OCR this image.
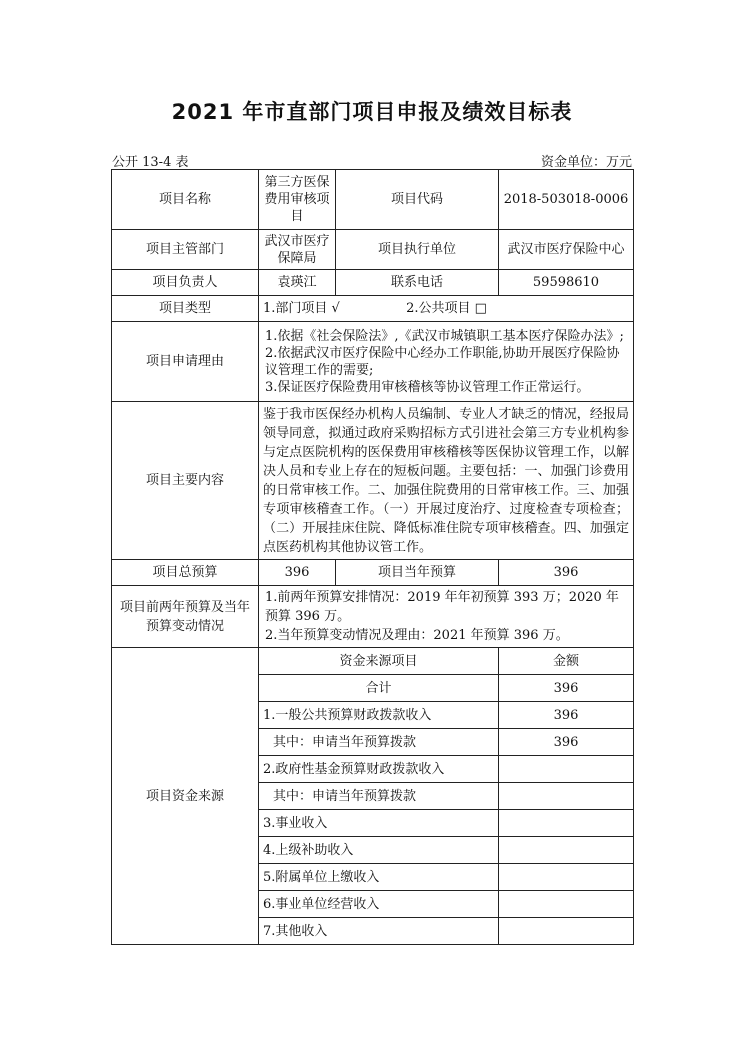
2021 年市直部门项目申报及绩效目标表
公开 13-4 表	资金单位：万元
项目名称	第三方医保费用审核项目	项目代码	2018-503018-0006
项目主管部门	武汉市医疗保障局	项目执行单位	武汉市医疗保险中心
项目负责人	袁瑛江	联系电话	59598610
项目类型	1.部门项目 √ 2.公共项目 □		
项目申请理由	1.依据《社会保险法》,《武汉市城镇职工基本医疗保险办法》;
2.依据武汉市医疗保险中心经办工作职能,协助开展医疗保险协议管理工作的需要;
3.保证医疗保险费用审核稽核等协议管理工作正常运行。		

项目主要内容	鉴于我市医保经办机构人员编制、专业人才缺乏的情况，经报局领导同意，拟通过政府采购招标方式引进社会第三方专业机构参与定点医院机构的医保费用审核稽核等医保协议管理工作，以解决人员和专业上存在的短板问题。主要包括：一、加强门诊费用的日常审核工作。二、加强住院费用的日常审核工作。三、加强专项审核稽查工作。（一）开展过度治疗、过度检查专项检查；（二）开展挂床住院、降低标准住院专项审核稽查。四、加强定点医药机构其他协议管工作。		
项目总预算	396	项目当年预算	396
项目前两年预算及当年预算变动情况	1.前两年预算安排情况：2019 年年初预算 393 万；2020 年预算 396 万。
2.当年预算变动情况及理由：2021 年预算 396 万。		

项目资金来源	资金来源项目		金额
	合计		396
	1.一般公共预算财政拨款收入		396
	其中：申请当年预算拨款		396
	2.政府性基金预算财政拨款收入		
	其中：申请当年预算拨款		
	3.事业收入		
	4.上级补助收入		
	5.附属单位上缴收入		
	6.事业单位经营收入		
	7.其他收入		
